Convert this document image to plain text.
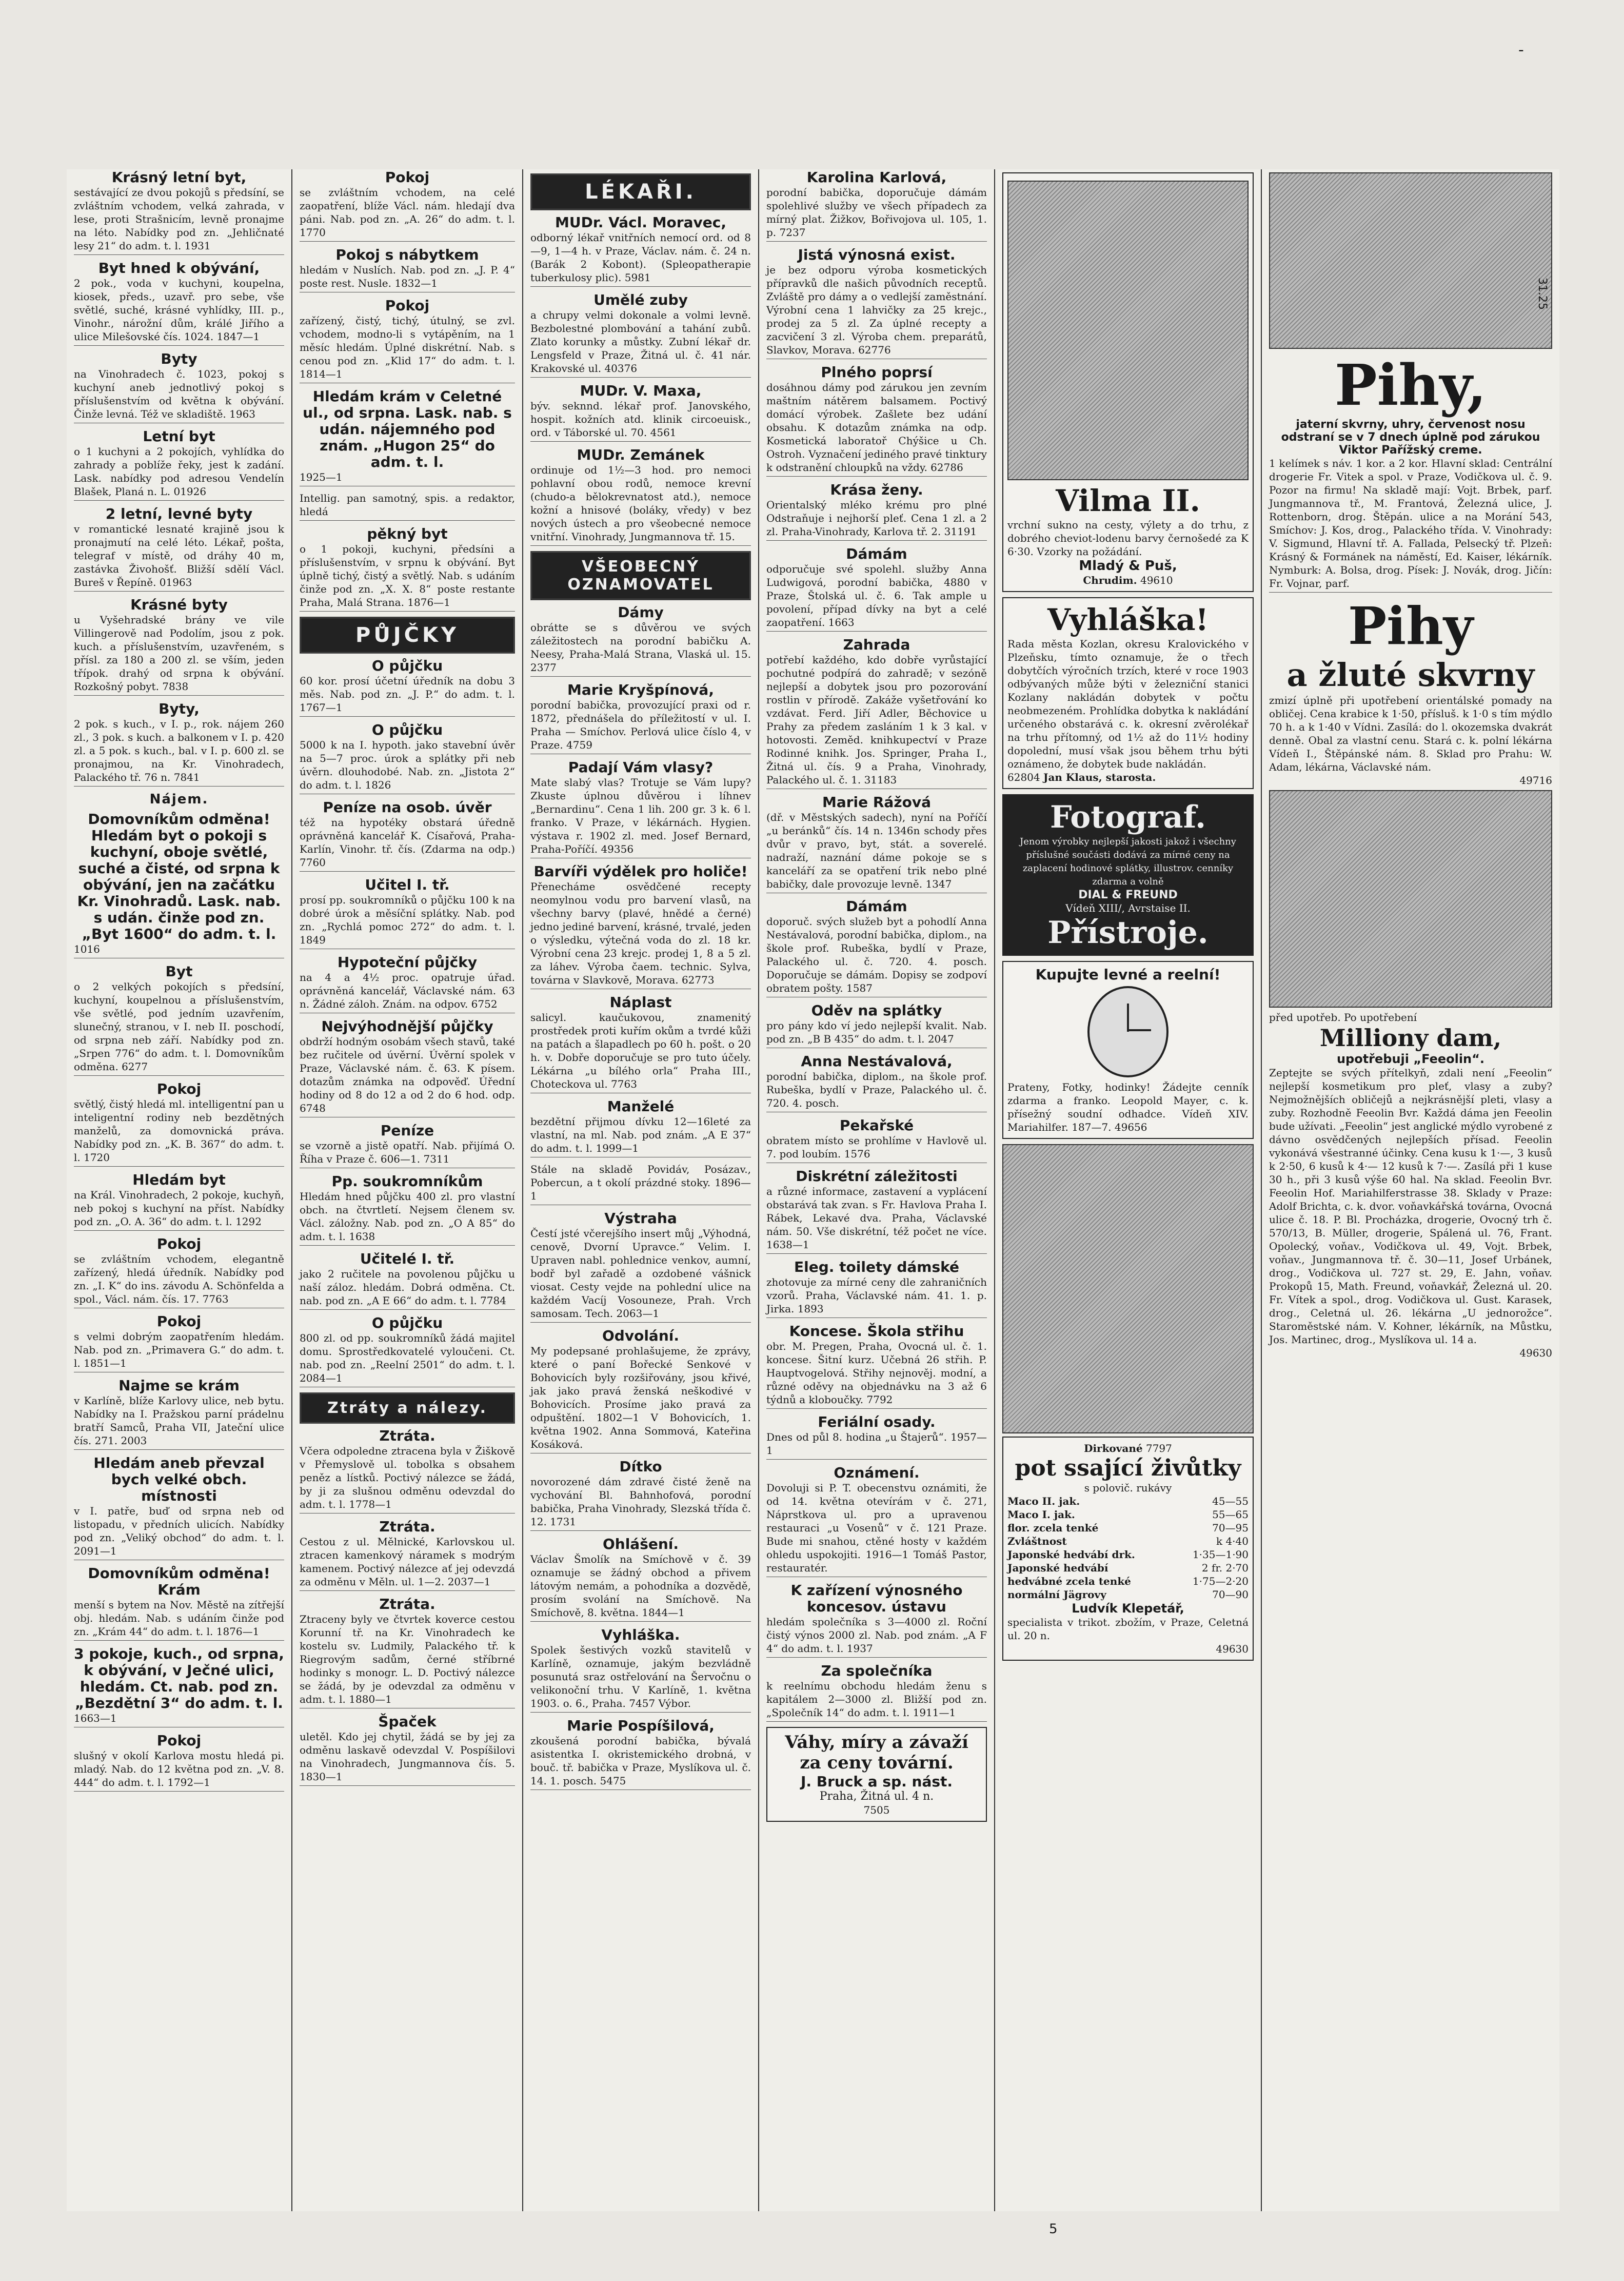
-
5
Krásný letní byt,

sestávající ze dvou pokojů s předsíní, se zvláštním vchodem, velká zahrada, v lese, proti Strašnicím, levně pronajme na léto. Nabídky pod zn. „Jehličnaté lesy 21“ do adm. t. l. 1931

Byt hned k obývání,

2 pok., voda v kuchyni, koupelna, kiosek, předs., uzavř. pro sebe, vše světlé, suché, krásné vyhlídky, III. p., Vinohr., nárožní dům, králé Jiřího a ulice Milešovské čís. 1024. 1847—1

Byty

na Vinohradech č. 1023, pokoj s kuchyní aneb jednotlivý pokoj s příslušenstvím od května k obývání. Činže levná. Též ve skladiště. 1963

Letní byt

o 1 kuchyni a 2 pokojích, vyhlídka do zahrady a poblíže řeky, jest k zadání. Lask. nabídky pod adresou Vendelín Blašek, Planá n. L. 01926

2 letní, levné byty

v romantické lesnaté krajině jsou k pronajmutí na celé léto. Lékař, pošta, telegraf v místě, od dráhy 40 m, zastávka Živohošť. Bližší sdělí Václ. Bureš v Řepíně. 01963

Krásné byty

u Vyšehradské brány ve vile Villingerově nad Podolím, jsou z pok. kuch. a příslušenstvím, uzavřeném, s přísl. za 180 a 200 zl. se vším, jeden třípok. drahý od srpna k obývání. Rozkošný pobyt. 7838

Byty,

2 pok. s kuch., v I. p., rok. nájem 260 zl., 3 pok. s kuch. a balkonem v I. p. 420 zl. a 5 pok. s kuch., bal. v I. p. 600 zl. se pronajmou, na Kr. Vinohradech, Palackého tř. 76 n. 7841

Nájem.
Domovníkům odměna! Hledám byt o pokoji s kuchyní, oboje světlé, suché a čisté, od srpna k obývání, jen na začátku Kr. Vinohradů. Lask. nab. s udán. činže pod zn. „Byt 1600“ do adm. t. l.

1016

Byt

o 2 velkých pokojích s předsíní, kuchyní, koupelnou a příslušenstvím, vše světlé, pod jedním uzavřením, slunečný, stranou, v I. neb II. poschodí, od srpna neb září. Nabídky pod zn. „Srpen 776“ do adm. t. l. Domovníkům odměna. 6277

Pokoj

světlý, čistý hledá ml. intelligentní pan u inteligentní rodiny neb bezdětných manželů, za domovnická práva. Nabídky pod zn. „K. B. 367“ do adm. t. l. 1720

Hledám byt

na Král. Vinohradech, 2 pokoje, kuchyň, neb pokoj s kuchyní na příst. Nabídky pod zn. „O. A. 36“ do adm. t. l. 1292

Pokoj

se zvláštním vchodem, elegantně zařízený, hledá úředník. Nabídky pod zn. „I. K“ do ins. závodu A. Schönfelda a spol., Václ. nám. čís. 17. 7763

Pokoj

s velmi dobrým zaopatřením hledám. Nab. pod zn. „Primavera G.“ do adm. t. l. 1851—1

Najme se krám

v Karlíně, blíže Karlovy ulice, neb bytu. Nabídky na I. Pražskou parní prádelnu bratří Samců, Praha VII, Jateční ulice čís. 271. 2003

Hledám aneb převzal bych velké obch. místnosti

v I. patře, buď od srpna neb od listopadu, v předních ulicích. Nabídky pod zn. „Veliký obchod“ do adm. t. l. 2091—1

Domovníkům odměna! Krám

menší s bytem na Nov. Městě na zítřejší obj. hledám. Nab. s udáním činže pod zn. „Krám 44“ do adm. t. l. 1876—1

3 pokoje, kuch., od srpna, k obývání, v Ječné ulici, hledám. Ct. nab. pod zn. „Bezdětní 3“ do adm. t. l.

1663—1

Pokoj

slušný v okolí Karlova mostu hledá pi. mladý. Nab. do 12 května pod zn. „V. 8. 444“ do adm. t. l. 1792—1

Pokoj

se zvláštním vchodem, na celé zaopatření, blíže Václ. nám. hledají dva páni. Nab. pod zn. „A. 26“ do adm. t. l. 1770

Pokoj s nábytkem

hledám v Nuslích. Nab. pod zn. „J. P. 4“ poste rest. Nusle. 1832—1

Pokoj

zařízený, čistý, tichý, útulný, se zvl. vchodem, modno-li s vytápěním, na 1 měsíc hledám. Úplné diskrétní. Nab. s cenou pod zn. „Klid 17“ do adm. t. l. 1814—1

Hledám krám v Celetné ul., od srpna. Lask. nab. s udán. nájemného pod znám. „Hugon 25“ do adm. t. l.

1925—1

Intellig. pan samotný, spis. a redaktor, hledá

pěkný byt

o 1 pokoji, kuchyni, předsíni a příslušenstvím, v srpnu k obývání. Byt úplně tichý, čistý a světlý. Nab. s udáním činže pod zn. „X. X. 8“ poste restante Praha, Malá Strana. 1876—1

PŮJČKY
O půjčku

60 kor. prosí účetní úředník na dobu 3 měs. Nab. pod zn. „J. P.“ do adm. t. l. 1767—1

O půjčku

5000 k na I. hypoth. jako stavební úvěr na 5—7 proc. úrok a splátky při neb úvěrn. dlouhodobé. Nab. zn. „Jistota 2“ do adm. t. l. 1826

Peníze na osob. úvěr

též na hypotéky obstará úředně oprávněná kancelář K. Císařová, Praha-Karlín, Vinohr. tř. čís. (Zdarma na odp.) 7760

Učitel I. tř.

prosí pp. soukromníků o půjčku 100 k na dobré úrok a měsíční splátky. Nab. pod zn. „Rychlá pomoc 272“ do adm. t. l. 1849

Hypoteční půjčky

na 4 a 4½ proc. opatruje úřad. oprávněná kancelář, Václavské nám. 63 n. Žádné záloh. Znám. na odpov. 6752

Nejvýhodnější půjčky

obdrží hodným osobám všech stavů, také bez ručitele od úvěrní. Úvěrní spolek v Praze, Václavské nám. č. 63. K písem. dotazům známka na odpověď. Úřední hodiny od 8 do 12 a od 2 do 6 hod. odp. 6748

Peníze

se vzorně a jistě opatří. Nab. přijímá O. Říha v Praze č. 606—1. 7311

Pp. soukromníkům

Hledám hned půjčku 400 zl. pro vlastní obch. na čtvrtletí. Nejsem členem sv. Václ. záložny. Nab. pod zn. „O A 85“ do adm. t. l. 1638

Učitelé I. tř.

jako 2 ručitele na povolenou půjčku u naší záloz. hledám. Dobrá odměna. Ct. nab. pod zn. „A E 66“ do adm. t. l. 7784

O půjčku

800 zl. od pp. soukromníků žádá majitel domu. Sprostředkovatelé vyloučeni. Ct. nab. pod zn. „Reelní 2501“ do adm. t. l. 2084—1

Ztráty a nálezy.
Ztráta.

Včera odpoledne ztracena byla v Žiškově v Přemyslově ul. tobolka s obsahem peněz a lístků. Poctivý nálezce se žádá, by ji za slušnou odměnu odevzdal do adm. t. l. 1778—1

Ztráta.

Cestou z ul. Mělnické, Karlovskou ul. ztracen kamenkový náramek s modrým kamenem. Poctivý nálezce ať jej odevzdá za odměnu v Měln. ul. 1—2. 2037—1

Ztráta.

Ztraceny byly ve čtvrtek koverce cestou Korunní tř. na Kr. Vinohradech ke kostelu sv. Ludmily, Palackého tř. k Riegrovým sadům, černé stříbrné hodinky s monogr. L. D. Poctivý nálezce se žádá, by je odevzdal za odměnu v adm. t. l. 1880—1

Špaček

uletěl. Kdo jej chytil, žádá se by jej za odměnu laskavě odevzdal V. Pospíšilovi na Vinohradech, Jungmannova čís. 5. 1830—1

LÉKAŘI.
MUDr. Václ. Moravec,

odborný lékař vnitřních nemocí ord. od 8—9, 1—4 h. v Praze, Václav. nám. č. 24 n. (Barák 2 Kobont). (Spleopatherapie tuberkulosy plic). 5981

Umělé zuby

a chrupy velmi dokonale a volmi levně. Bezbolestné plombování a tahání zubů. Zlato korunky a můstky. Zubní lékař dr. Lengsfeld v Praze, Žitná ul. č. 41 nár. Krakovské ul. 40376

MUDr. V. Maxa,

býv. seknnd. lékař prof. Janovského, hospit. kožních atd. klinik circoeuisk., ord. v Táborské ul. 70. 4561

MUDr. Zemánek

ordinuje od 1½—3 hod. pro nemoci pohlavní obou rodů, nemoce krevní (chudo-a bělokrevnatost atd.), nemoce kožní a hnisové (boláky, vředy) v bez nových ústech a pro všeobecné nemoce vnitřní. Vinohrady, Jungmannova tř. 15.

VŠEOBECNÝ OZNAMOVATEL
Dámy

obrátte se s důvěrou ve svých záležitostech na porodní babičku A. Neesy, Praha-Malá Strana, Vlaská ul. 15. 2377

Marie Kryšpínová,

porodní babička, provozující praxi od r. 1872, přednášela do příležitostí v ul. I. Praha — Smíchov. Perlová ulice číslo 4, v Praze. 4759

Padají Vám vlasy?

Mate slabý vlas? Trotuje se Vám lupy? Zkuste úplnou důvěrou i líhnev „Bernardinu“. Cena 1 lih. 200 gr. 3 k. 6 l. franko. V Praze, v lékárnách. Hygien. výstava r. 1902 zl. med. Josef Bernard, Praha-Poříčí. 49356

Barvíři výdělek pro holiče!

Přenecháme osvědčené recepty neomylnou vodu pro barvení vlasů, na všechny barvy (plavé, hnědé a černé) jedno jediné barvení, krásné, trvalé, jeden o výsledku, výtečná voda do zl. 18 kr. Výrobní cena 23 krejc. prodej 1, 8 a 5 zl. za láhev. Výroba čaem. technic. Sylva, továrna v Slavkově, Morava. 62773

Náplast

salicyl. kaučukovou, znamenitý prostředek proti kuřím okům a tvrdé kůži na patách a šlapadlech po 60 h. pošt. o 20 h. v. Dobře doporučuje se pro tuto účely. Lékárna „u bílého orla“ Praha III., Choteckova ul. 7763

Manželé

bezdětní přijmou dívku 12—16leté za vlastní, na ml. Nab. pod znám. „A E 37“ do adm. t. l. 1999—1

Stále na skladě Povidáv, Posázav., Pobercun, a t okolí prázdné stoky. 1896—1

Výstraha

Čestí jsté včerejšího insert můj „Výhodná, cenově, Dvorní Upravce.“ Velim. I. Upraven nabl. pohlednice venkov, aumní, bodř byl zařadě a ozdobené vášnick viosat. Cesty vejde na pohlední ulice na každém Vacíj Vosouneze, Prah. Vrch samosam. Tech. 2063—1

Odvolání.

My podepsané prohlašujeme, že zprávy, které o paní Bořecké Senkové v Bohovicích byly rozšiřovány, jsou křivé, jak jako pravá ženská neškodivé v Bohovicích. Prosíme jako pravá za odpuštění. 1802—1 V Bohovicích, 1. května 1902. Anna Sommová, Kateřina Kosáková.

Dítko

novorozené dám zdravé čisté ženě na vychování Bl. Bahnhofová, porodní babička, Praha Vinohrady, Slezská třída č. 12. 1731

Ohlášení.

Václav Šmolík na Smíchově v č. 39 oznamuje se žádný obchod a přivem látovým nemám, a pohodníka a dozvědě, prosím svolání na Smíchově. Na Smíchově, 8. května. 1844—1

Vyhláška.

Spolek šestivých vozků stavitelů v Karlíně, oznamuje, jakým bezvládně posunutá sraz ostřelování na Šervočnu o velikonoční trhu. V Karlíně, 1. května 1903. o. 6., Praha. 7457 Výbor.

Marie Pospíšilová,

zkoušená porodní babička, bývalá asistentka I. okristemického drobná, v bouč. tř. babička v Praze, Myslíkova ul. č. 14. 1. posch. 5475

Karolina Karlová,

porodní babička, doporučuje dámám spolehlivé služby ve všech případech za mírný plat. Žižkov, Bořivojova ul. 105, 1. p. 7237

Jistá výnosná exist.

je bez odporu výroba kosmetických přípravků dle našich původních receptů. Zvláště pro dámy a o vedlejší zaměstnání. Výrobní cena 1 lahvičky za 25 krejc., prodej za 5 zl. Za úplné recepty a zacvičení 3 zl. Výroba chem. preparátů, Slavkov, Morava. 62776

Plného poprsí

dosáhnou dámy pod zárukou jen zevním maštním nátěrem balsamem. Poctivý domácí výrobek. Zašlete bez udání obsahu. K dotazům známka na odp. Kosmetická laboratoř Chýšice u Ch. Ostroh. Vyznačení jediného pravé tinktury k odstranění chloupků na vždy. 62786

Krása ženy.

Orientalský mléko krému pro plné Odstraňuje i nejhorší pleť. Cena 1 zl. a 2 zl. Praha-Vinohrady, Karlova tř. 2. 31191

Dámám

odporučuje své spolehl. služby Anna Ludwigová, porodní babička, 4880 v Praze, Štolská ul. č. 6. Tak ample u povolení, případ dívky na byt a celé zaopatření. 1663

Zahrada

potřebí každého, kdo dobře vyrůstající pochutné podpírá do zahradě; v sezóně nejlepší a dobytek jsou pro pozorování rostlin v přírodě. Zakáže vyšetřování ko vzdávat. Ferd. Jiří Adler, Běchovice u Prahy za předem zasláním 1 k 3 kal. v hotovosti. Zeměd. knihkupectví v Praze Rodinné knihk. Jos. Springer, Praha I., Žitná ul. čís. 9 a Praha, Vinohrady, Palackého ul. č. 1. 31183

Marie Rážová

(dř. v Městských sadech), nyní na Poříčí „u beránků“ čís. 14 n. 1346n schody přes dvůr v pravo, byt, stát. a soverelé. nadraží, naznání dáme pokoje se s kanceláří za se opatření trik nebo plné babičky, dale provozuje levně. 1347

Dámám

doporuč. svých služeb byt a pohodlí Anna Nestávalová, porodní babička, diplom., na škole prof. Rubeška, bydlí v Praze, Palackého ul. č. 720. 4. posch. Doporučuje se dámám. Dopisy se zodpoví obratem pošty. 1587

Oděv na splátky

pro pány kdo ví jedo nejlepší kvalit. Nab. pod zn. „B B 435“ do adm. t. l. 2047

Anna Nestávalová,

porodní babička, diplom., na škole prof. Rubeška, bydlí v Praze, Palackého ul. č. 720. 4. posch.

Pekařské

obratem místo se prohlíme v Havlově ul. 7. pod loubím. 1576

Diskrétní záležitosti

a různé informace, zastavení a vyplácení obstarává tak zvan. s Fr. Havlova Praha I. Rábek, Lekavé dva. Praha, Václavské nám. 50. Vše diskrétní, též počet ne více. 1638—1

Eleg. toilety dámské

zhotovuje za mírné ceny dle zahraničních vzorů. Praha, Václavské nám. 41. 1. p. Jirka. 1893

Koncese. Škola střihu

obr. M. Pregen, Praha, Ovocná ul. č. 1. koncese. Šitní kurz. Učebná 26 střih. P. Hauptvogelová. Střihy nejnověj. modní, a různé oděvy na objednávku na 3 až 6 týdnů a kloboučky. 7792

Feriální osady.

Dnes od půl 8. hodina „u Štajerů“. 1957—1

Oznámení.

Dovoluji si P. T. obecenstvu oznámiti, že od 14. května otevírám v č. 271, Náprstkova ul. pro a upravenou restauraci „u Vosenů“ v č. 121 Praze. Bude mi snahou, ctěné hosty v každém ohledu uspokojiti. 1916—1 Tomáš Pastor, restauratér.

K zařízení výnosného koncesov. ústavu

hledám společníka s 3—4000 zl. Roční čistý výnos 2000 zl. Nab. pod znám. „A F 4“ do adm. t. l. 1937

Za společníka

k reelnímu obchodu hledám ženu s kapitálem 2—3000 zl. Bližší pod zn. „Společník 14“ do adm. t. l. 1911—1

Váhy, míry a závaží za ceny tovární.
J. Bruck a sp. nást.
Praha, Žitná ul. 4 n.
7505
Vilma II.

vrchní sukno na cesty, výlety a do trhu, z dobrého cheviot-lodenu barvy černošedé za K 6·30. Vzorky na požádání.

Mladý & Puš,
Chrudim. 49610
Vyhláška!

Rada města Kozlan, okresu Kralovického v Plzeňsku, tímto oznamuje, že o třech dobytčích výročních trzích, které v roce 1903 odbývaných může býti v železniční stanici Kozlany nakládán dobytek v počtu neobmezeném. Prohlídka dobytka k nakládání určeného obstarává c. k. okresní zvěrolékař na trhu přítomný, od 1½ až do 11½ hodiny dopolední, musí však jsou během trhu býti oznámeno, že dobytek bude nakládán.

62804 Jan Klaus, starosta.
Fotograf.

Jenom výrobky nejlepší jakosti jakož i všechny příslušné součásti dodává za mírné ceny na zaplacení hodinové splátky, illustrov. cenníky zdarma a volně

DIAL & FREUND
Vídeň XIII/, Avrstaise II.
Přístroje.
Kupujte levné a reelní!

Prateny, Fotky, hodinky! Žádejte cenník zdarma a franko. Leopold Mayer, c. k. přísežný soudní odhadce. Vídeň XIV. Mariahilfer. 187—7. 49656

Dirkované 7797
pot ssající živůtky
s polovič. rukávy
Maco II. jak.	45—55
Maco I. jak.	55—65
flor. zcela tenké	70—95
Zvláštnost	k 4·40
Japonské hedvábí drk.	1·35—1·90
Japonské hedvábí	2 fr. 2·70
hedvábné zcela tenké	1·75—2·20
normální Jägrovy	70—90
Ludvík Klepetář,

specialista v trikot. zbožím, v Praze, Celetná ul. 20 n.

49630
Pihy,
jaterní skvrny, uhry, červenost nosu odstraní se v 7 dnech úplně pod zárukou Viktor Pařížský creme.

1 kelímek s náv. 1 kor. a 2 kor. Hlavní sklad: Centrální drogerie Fr. Vitek a spol. v Praze, Vodičkova ul. č. 9. Pozor na firmu! Na skladě mají: Vojt. Brbek, parf. Jungmannova tř., M. Frantová, Železná ulice, J. Rottenborn, drog. Štěpán. ulice a na Morání 543, Smíchov: J. Kos, drog., Palackého třída. V. Vinohrady: V. Sigmund, Hlavní tř. A. Fallada, Pelsecký tř. Plzeň: Krásný & Formánek na náměstí, Ed. Kaiser, lékárník. Nymburk: A. Bolsa, drog. Písek: J. Novák, drog. Jičín: Fr. Vojnar, parf.

Pihy
a žluté skvrny

zmizí úplně při upotřebení orientálské pomady na obličej. Cena krabice k 1·50, přísluš. k 1·0 s tím mýdlo 70 h. a k 1·40 v Vídni. Zasílá: do l. okozemska dvakrát denně. Obal za vlastní cenu. Stará c. k. polní lékárna Vídeň I., Štěpánské nám. 8. Sklad pro Prahu: W. Adam, lékárna, Václavské nám.

49716
před upotřeb. Po upotřebení
Milliony dam,
upotřebuji „Feeolin“.

Zeptejte se svých přítelkyň, zdali není „Feeolin“ nejlepší kosmetikum pro pleť, vlasy a zuby? Nejmožnějších obličejů a nejkrásnější pleti, vlasy a zuby. Rozhodně Feeolin Bvr. Každá dáma jen Feeolin bude užívati. „Feeolin“ jest anglické mýdlo vyrobené z dávno osvědčených nejlepších přísad. Feeolin vykonává všestranné účinky. Cena kusu k 1·—, 3 kusů k 2·50, 6 kusů k 4·— 12 kusů k 7·—. Zasílá při 1 kuse 30 h., při 3 kusů výše 60 hal. Na sklad. Feeolin Bvr. Feeolin Hof. Mariahilferstrasse 38. Sklady v Praze: Adolf Brichta, c. k. dvor. voňavkářská továrna, Ovocná ulice č. 18. P. Bl. Procházka, drogerie, Ovocný trh č. 570/13, B. Müller, drogerie, Spálená ul. 76, Frant. Opolecký, voňav., Vodičkova ul. 49, Vojt. Brbek, voňav., Jungmannova tř. č. 30—11, Josef Urbánek, drog., Vodičkova ul. 727 st. 29, E. Jahn, voňav. Prokopů 15, Math. Freund, voňavkář, Železná ul. 20. Fr. Vítek a spol., drog. Vodičkova ul. Gust. Karasek, drog., Celetná ul. 26. lékárna „U jednorožce“. Staroměstské nám. V. Kohner, lékárník, na Můstku, Jos. Martinec, drog., Myslíkova ul. 14 a.

49630
31.25
